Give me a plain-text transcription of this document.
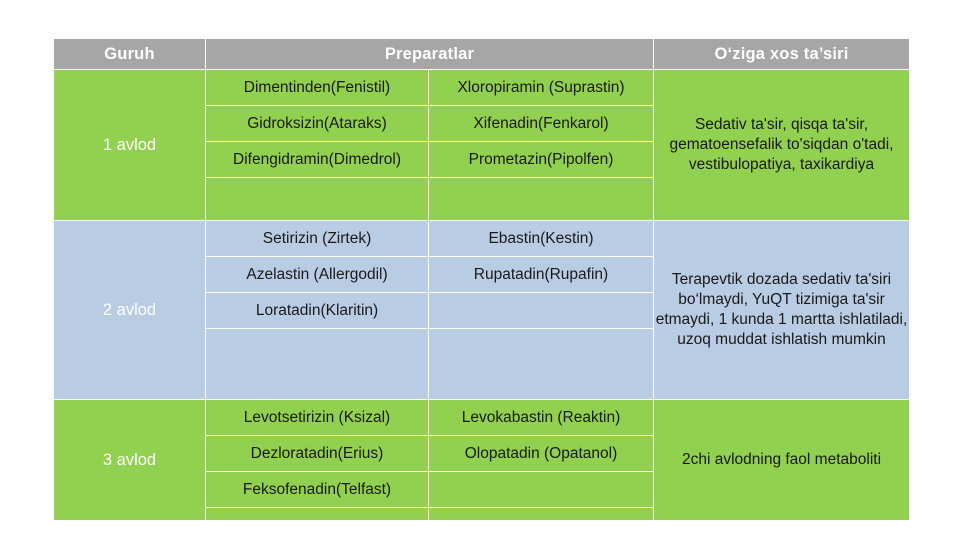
Guruh	Preparatlar		O‘ziga xos ta’siri
1 avlod	Dimentinden(Fenistil)	Xloropiramin (Suprastin)	Sedativ ta'sir, qisqa ta'sir, gematoensefalik to'siqdan o'tadi, vestibulopatiya, taxikardiya
	Gidroksizin(Ataraks)	Xifenadin(Fenkarol)	
	Difengidramin(Dimedrol)	Prometazin(Pipolfen)	

2 avlod	Setirizin (Zirtek)	Ebastin(Kestin)	Terapevtik dozada sedativ ta'siri bo‘lmaydi, YuQT tizimiga ta'sir etmaydi, 1 kunda 1 martta ishlatiladi, uzoq muddat ishlatish mumkin
	Azelastin (Allergodil)	Rupatadin(Rupafin)	
	Loratadin(Klaritin)		

3 avlod	Levotsetirizin (Ksizal)	Levokabastin (Reaktin)	2chi avlodning faol metaboliti
	Dezloratadin(Erius)	Olopatadin (Opatanol)	
	Feksofenadin(Telfast)		
